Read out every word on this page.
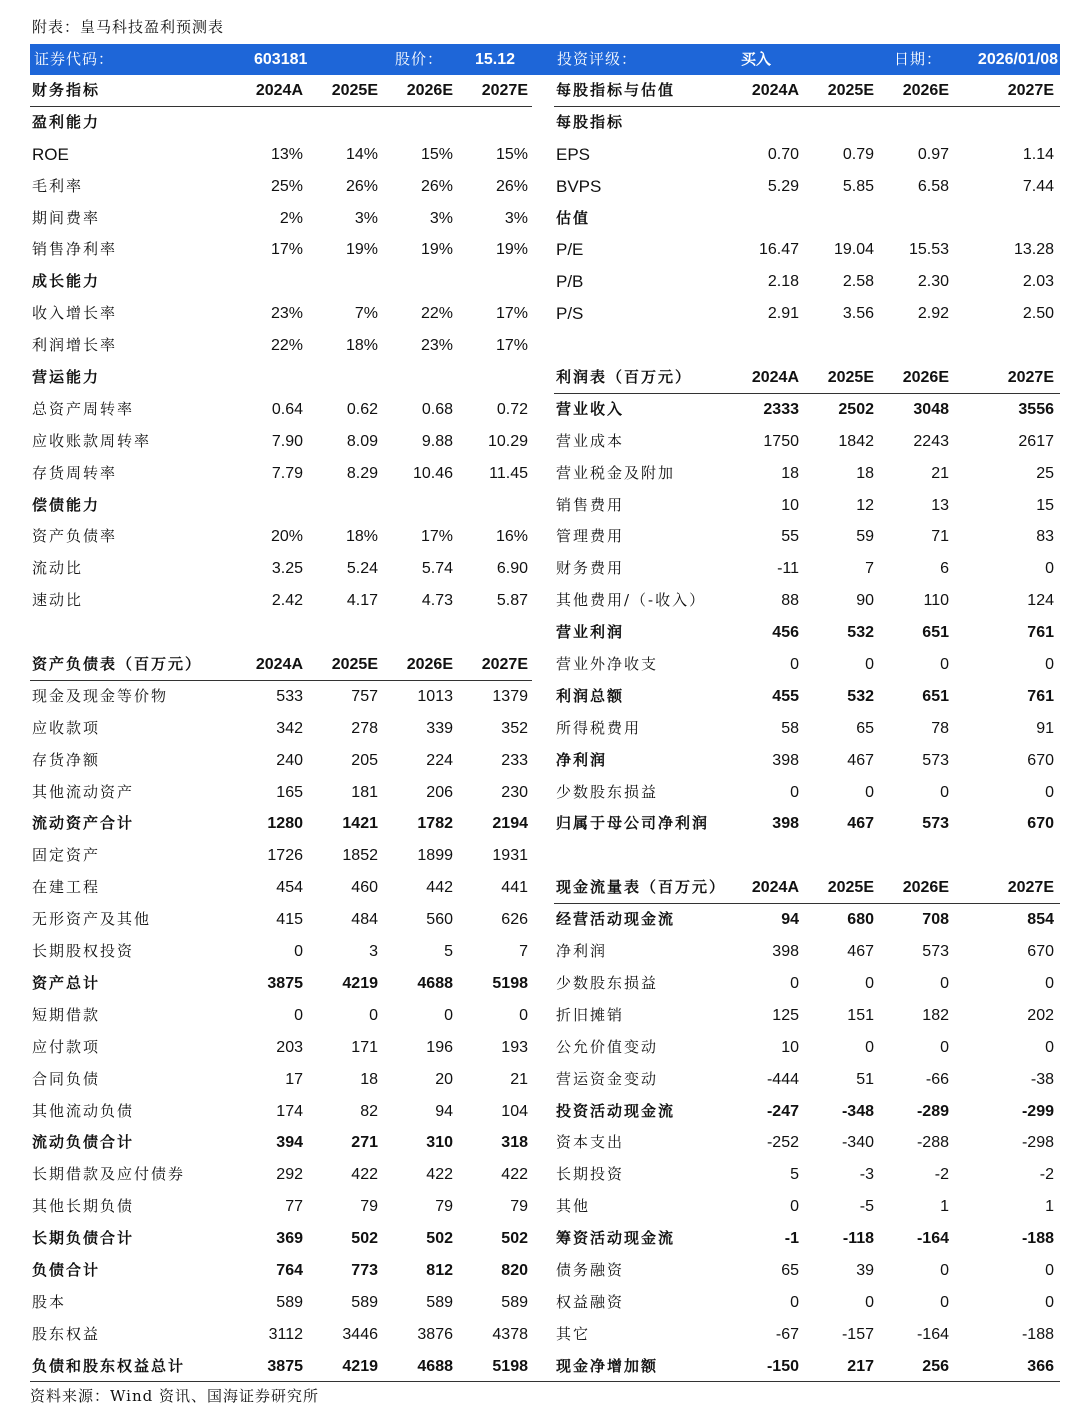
附表：皇马科技盈利预测表
证券代码：	603181	股价： 15.12	投资评级：	买入	日期： 2026/01/08
财务指标	2024A	2025E	2026E	2027E
盈利能力
ROE	13%	14%	15%	15%
毛利率	25%	26%	26%	26%
期间费率	2%	3%	3%	3%
销售净利率	17%	19%	19%	19%
成长能力
收入增长率	23%	7%	22%	17%
利润增长率	22%	18%	23%	17%
营运能力
总资产周转率	0.64	0.62	0.68	0.72
应收账款周转率	7.90	8.09	9.88	10.29
存货周转率	7.79	8.29	10.46	11.45
偿债能力
资产负债率	20%	18%	17%	16%
流动比	3.25	5.24	5.74	6.90
速动比	2.42	4.17	4.73	5.87
资产负债表（百万元）	2024A	2025E	2026E	2027E
现金及现金等价物	533	757	1013	1379
应收款项	342	278	339	352
存货净额	240	205	224	233
其他流动资产	165	181	206	230
流动资产合计	1280	1421	1782	2194
固定资产	1726	1852	1899	1931
在建工程	454	460	442	441
无形资产及其他	415	484	560	626
长期股权投资	0	3	5	7
资产总计	3875	4219	4688	5198
短期借款	0	0	0	0
应付款项	203	171	196	193
合同负债	17	18	20	21
其他流动负债	174	82	94	104
流动负债合计	394	271	310	318
长期借款及应付债券	292	422	422	422
其他长期负债	77	79	79	79
长期负债合计	369	502	502	502
负债合计	764	773	812	820
股本	589	589	589	589
股东权益	3112	3446	3876	4378
负债和股东权益总计	3875	4219	4688	5198
每股指标与估值	2024A	2025E	2026E	2027E
每股指标
EPS	0.70	0.79	0.97	1.14
BVPS	5.29	5.85	6.58	7.44
估值
P/E	16.47	19.04	15.53	13.28
P/B	2.18	2.58	2.30	2.03
P/S	2.91	3.56	2.92	2.50
利润表（百万元）	2024A	2025E	2026E	2027E
营业收入	2333	2502	3048	3556
营业成本	1750	1842	2243	2617
营业税金及附加	18	18	21	25
销售费用	10	12	13	15
管理费用	55	59	71	83
财务费用	-11	7	6	0
其他费用/（-收入）	88	90	110	124
营业利润	456	532	651	761
营业外净收支	0	0	0	0
利润总额	455	532	651	761
所得税费用	58	65	78	91
净利润	398	467	573	670
少数股东损益	0	0	0	0
归属于母公司净利润	398	467	573	670
现金流量表（百万元）	2024A	2025E	2026E	2027E
经营活动现金流	94	680	708	854
净利润	398	467	573	670
少数股东损益	0	0	0	0
折旧摊销	125	151	182	202
公允价值变动	10	0	0	0
营运资金变动	-444	51	-66	-38
投资活动现金流	-247	-348	-289	-299
资本支出	-252	-340	-288	-298
长期投资	5	-3	-2	-2
其他	0	-5	1	1
筹资活动现金流	-1	-118	-164	-188
债务融资	65	39	0	0
权益融资	0	0	0	0
其它	-67	-157	-164	-188
现金净增加额	-150	217	256	366
资料来源：Wind 资讯、国海证券研究所
